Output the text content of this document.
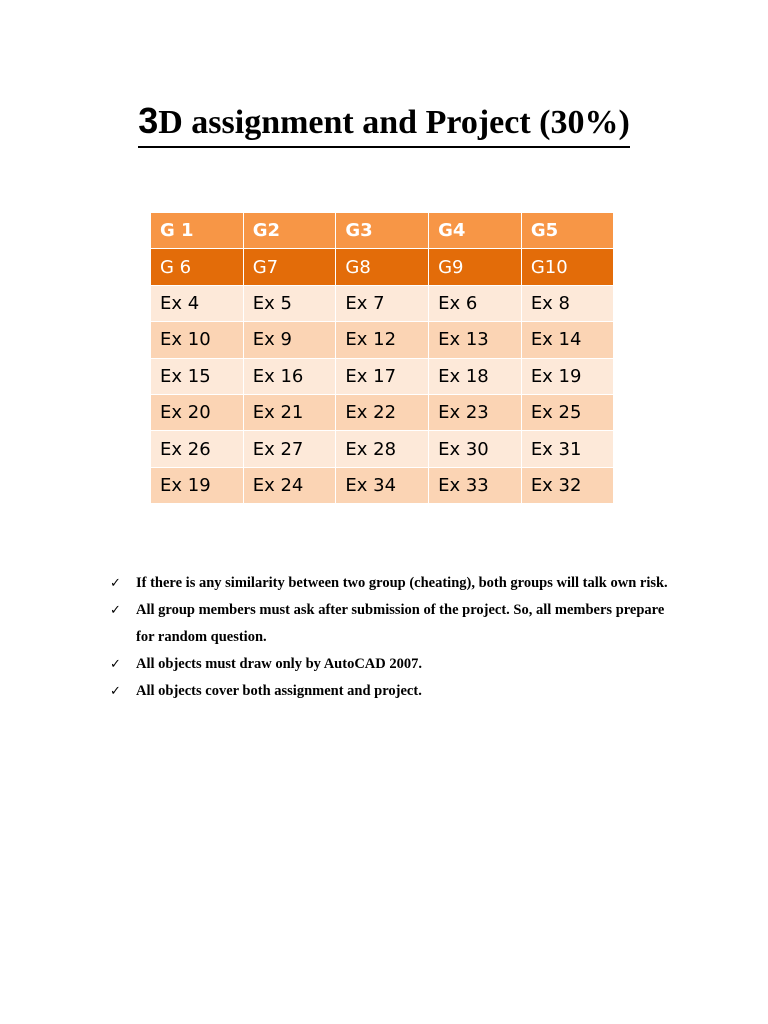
3D assignment and Project (30%)
G 1	G2	G3	G4	G5
G 6	G7	G8	G9	G10
Ex 4	Ex 5	Ex 7	Ex 6	Ex 8
Ex 10	Ex 9	Ex 12	Ex 13	Ex 14
Ex 15	Ex 16	Ex 17	Ex 18	Ex 19
Ex 20	Ex 21	Ex 22	Ex 23	Ex 25
Ex 26	Ex 27	Ex 28	Ex 30	Ex 31
Ex 19	Ex 24	Ex 34	Ex 33	Ex 32
✓ If there is any similarity between two group (cheating), both groups will talk own risk.
✓ All group members must ask after submission of the project. So, all members prepare for random question.
✓ All objects must draw only by AutoCAD 2007.
✓ All objects cover both assignment and project.
